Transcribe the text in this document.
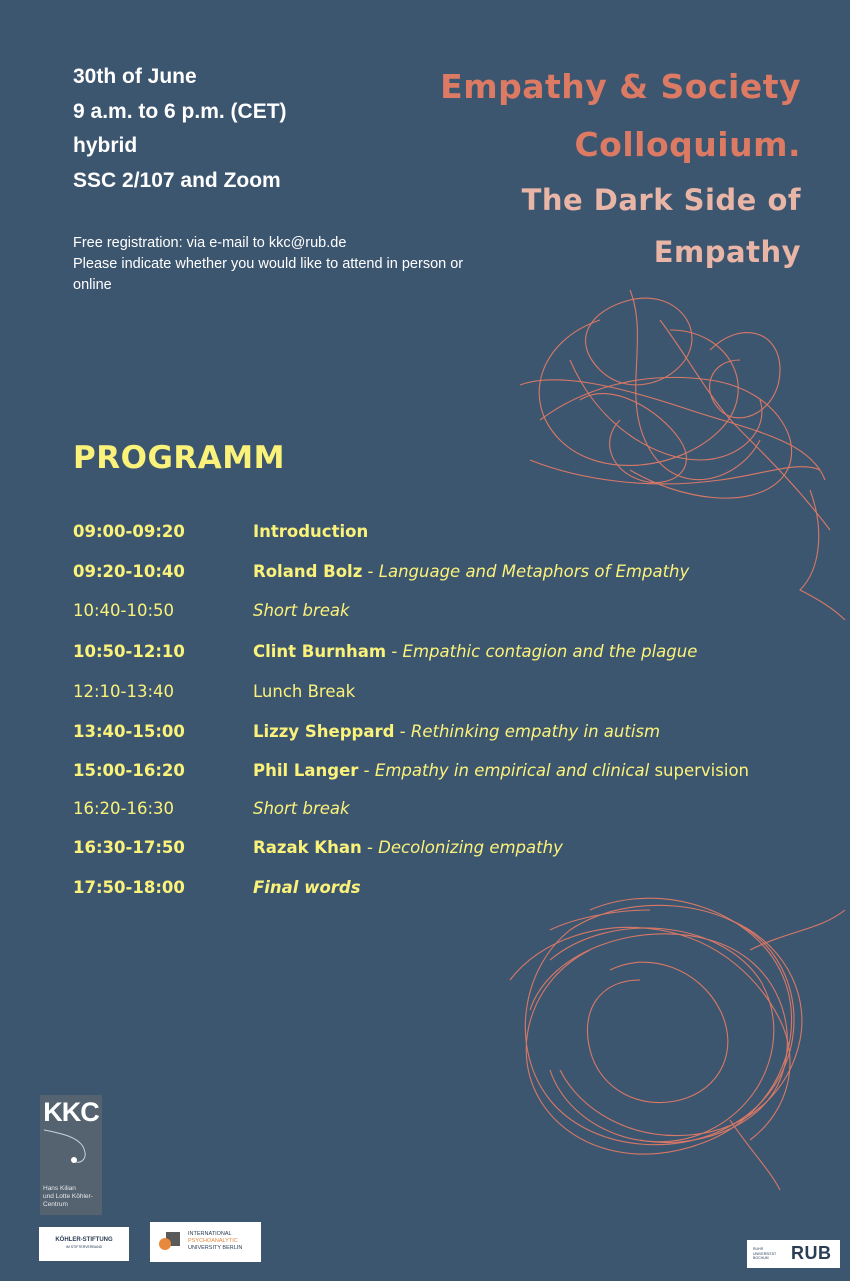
30th of June
9 a.m. to 6 p.m. (CET)
hybrid
SSC 2/107 and Zoom
Free registration: via e-mail to kkc@rub.de
Please indicate whether you would like to attend in person or online
Empathy & Society
Colloquium.
The Dark Side of
Empathy
PROGRAMM
09:00-09:20	Introduction
09:20-10:40	Roland Bolz - Language and Metaphors of Empathy
10:40-10:50	Short break
10:50-12:10	Clint Burnham - Empathic contagion and the plague
12:10-13:40	Lunch Break
13:40-15:00	Lizzy Sheppard - Rethinking empathy in autism
15:00-16:20	Phil Langer - Empathy in empirical and clinical supervision
16:20-16:30	Short break
16:30-17:50	Razak Khan - Decolonizing empathy
17:50-18:00	Final words
KKC
Hans Kilian
und Lotte Köhler-
Centrum
KÖHLER-STIFTUNG
IM STIFTERVERBAND
INTERNATIONAL
PSYCHOANALYTIC
UNIVERSITY BERLIN	RUHR
UNIVERSITÄT
BOCHUM	RUB
